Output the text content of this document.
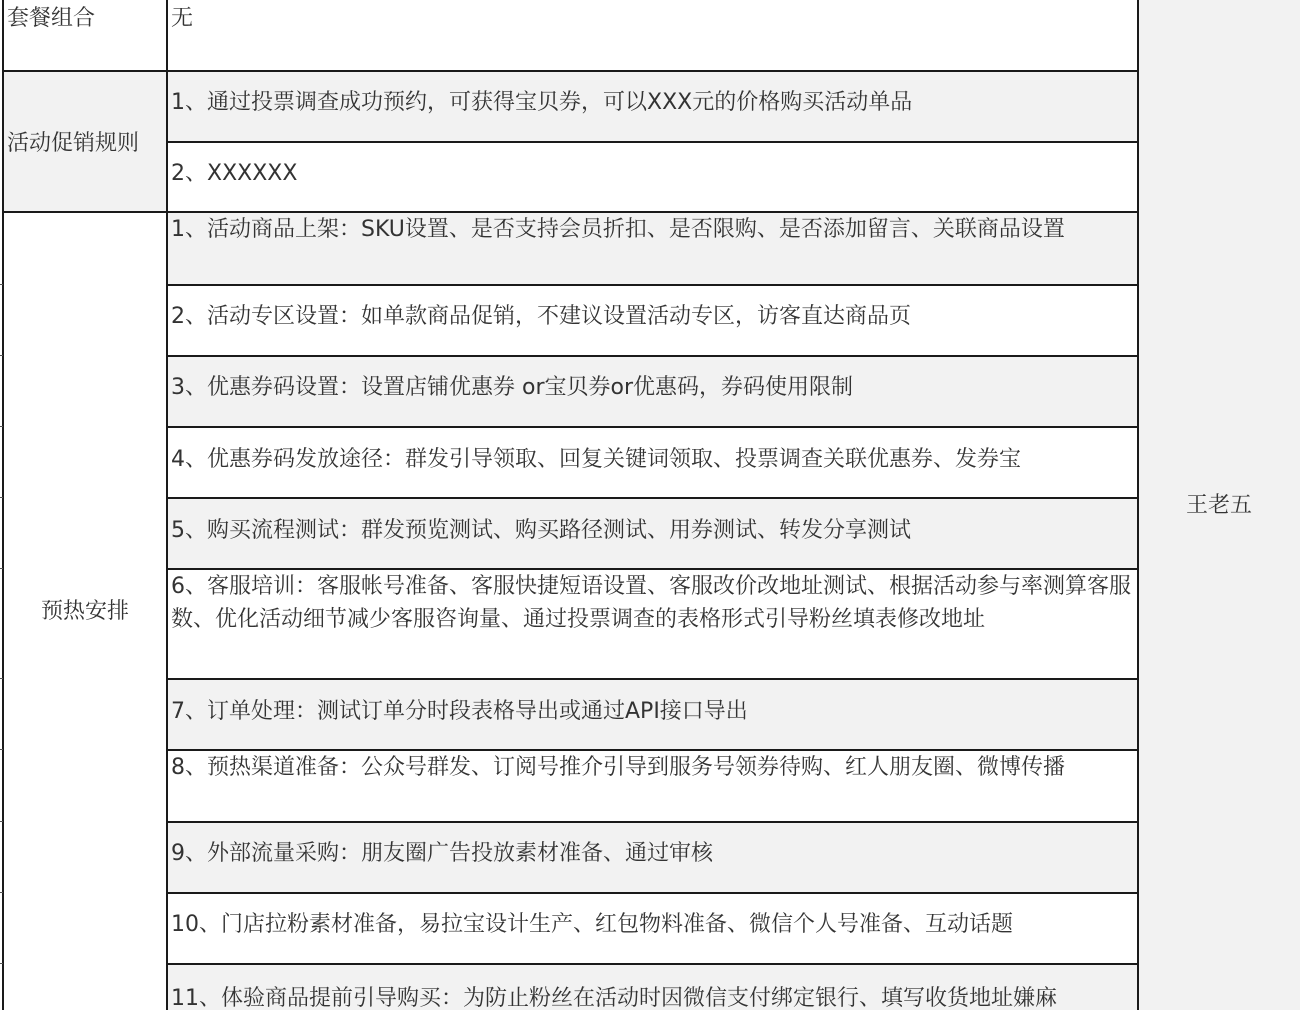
王老五
套餐组合	无
活动促销规则
1、通过投票调查成功预约，可获得宝贝券，可以XXX元的价格购买活动单品
2、XXXXXX
预热安排
1、活动商品上架：SKU设置、是否支持会员折扣、是否限购、是否添加留言、关联商品设置
2、活动专区设置：如单款商品促销，不建议设置活动专区，访客直达商品页
3、优惠券码设置：设置店铺优惠券 or宝贝券or优惠码，券码使用限制
4、优惠券码发放途径：群发引导领取、回复关键词领取、投票调查关联优惠券、发券宝
5、购买流程测试：群发预览测试、购买路径测试、用券测试、转发分享测试
6、客服培训：客服帐号准备、客服快捷短语设置、客服改价改地址测试、根据活动参与率测算客服数、优化活动细节减少客服咨询量、通过投票调查的表格形式引导粉丝填表修改地址
7、订单处理：测试订单分时段表格导出或通过API接口导出
8、预热渠道准备：公众号群发、订阅号推介引导到服务号领券待购、红人朋友圈、微博传播
9、外部流量采购：朋友圈广告投放素材准备、通过审核
10、门店拉粉素材准备，易拉宝设计生产、红包物料准备、微信个人号准备、互动话题
11、体验商品提前引导购买：为防止粉丝在活动时因微信支付绑定银行、填写收货地址嫌麻
